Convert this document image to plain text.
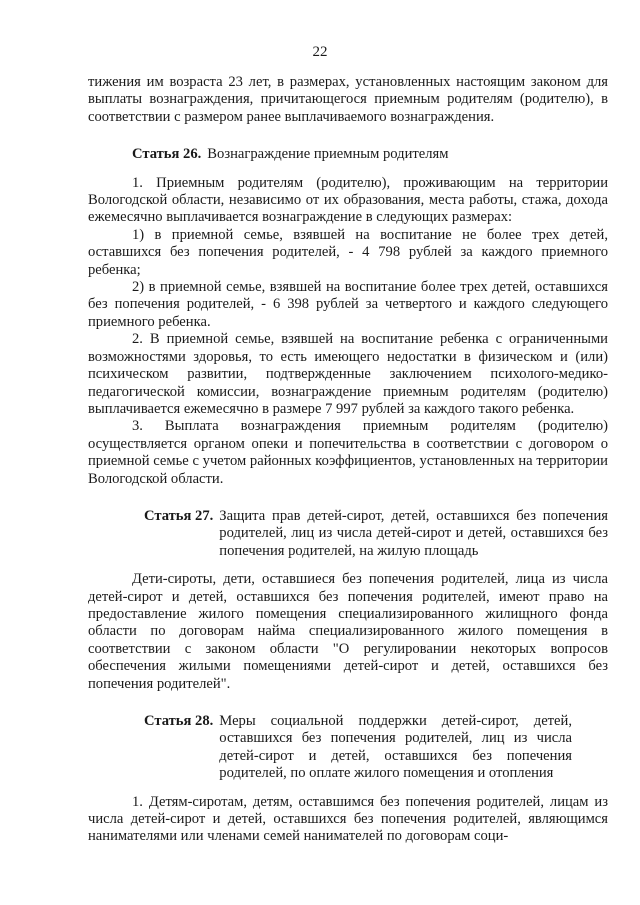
22

тижения им возраста 23 лет, в размерах, установленных настоящим законом для выплаты вознаграждения, причитающегося приемным родителям (родителю), в соответствии с размером ранее выплачиваемого вознаграждения.

Статья 26. Вознаграждение приемным родителям

1. Приемным родителям (родителю), проживающим на территории Вологодской области, независимо от их образования, места работы, стажа, дохода ежемесячно выплачивается вознаграждение в следующих размерах:

1) в приемной семье, взявшей на воспитание не более трех детей, оставшихся без попечения родителей, - 4 798 рублей за каждого приемного ребенка;

2) в приемной семье, взявшей на воспитание более трех детей, оставшихся без попечения родителей, - 6 398 рублей за четвертого и каждого следующего приемного ребенка.

2. В приемной семье, взявшей на воспитание ребенка с ограниченными возможностями здоровья, то есть имеющего недостатки в физическом и (или) психическом развитии, подтвержденные заключением психолого-медико-педагогической комиссии, вознаграждение приемным родителям (родителю) выплачивается ежемесячно в размере 7 997 рублей за каждого такого ребенка.

3. Выплата вознаграждения приемным родителям (родителю) осуществляется органом опеки и попечительства в соответствии с договором о приемной семье с учетом районных коэффициентов, установленных на территории Вологодской области.

Статья 27. Защита прав детей-сирот, детей, оставшихся без попечения родителей, лиц из числа детей-сирот и детей, оставшихся без попечения родителей, на жилую площадь

Дети-сироты, дети, оставшиеся без попечения родителей, лица из числа детей-сирот и детей, оставшихся без попечения родителей, имеют право на предоставление жилого помещения специализированного жилищного фонда области по договорам найма специализированного жилого помещения в соответствии с законом области "О регулировании некоторых вопросов обеспечения жилыми помещениями детей-сирот и детей, оставшихся без попечения родителей".

Статья 28. Меры социальной поддержки детей-сирот, детей, оставшихся без попечения родителей, лиц из числа детей-сирот и детей, оставшихся без попечения родителей, по оплате жилого помещения и отопления

1. Детям-сиротам, детям, оставшимся без попечения родителей, лицам из числа детей-сирот и детей, оставшихся без попечения родителей, являющимся нанимателями или членами семей нанимателей по договорам соци-
